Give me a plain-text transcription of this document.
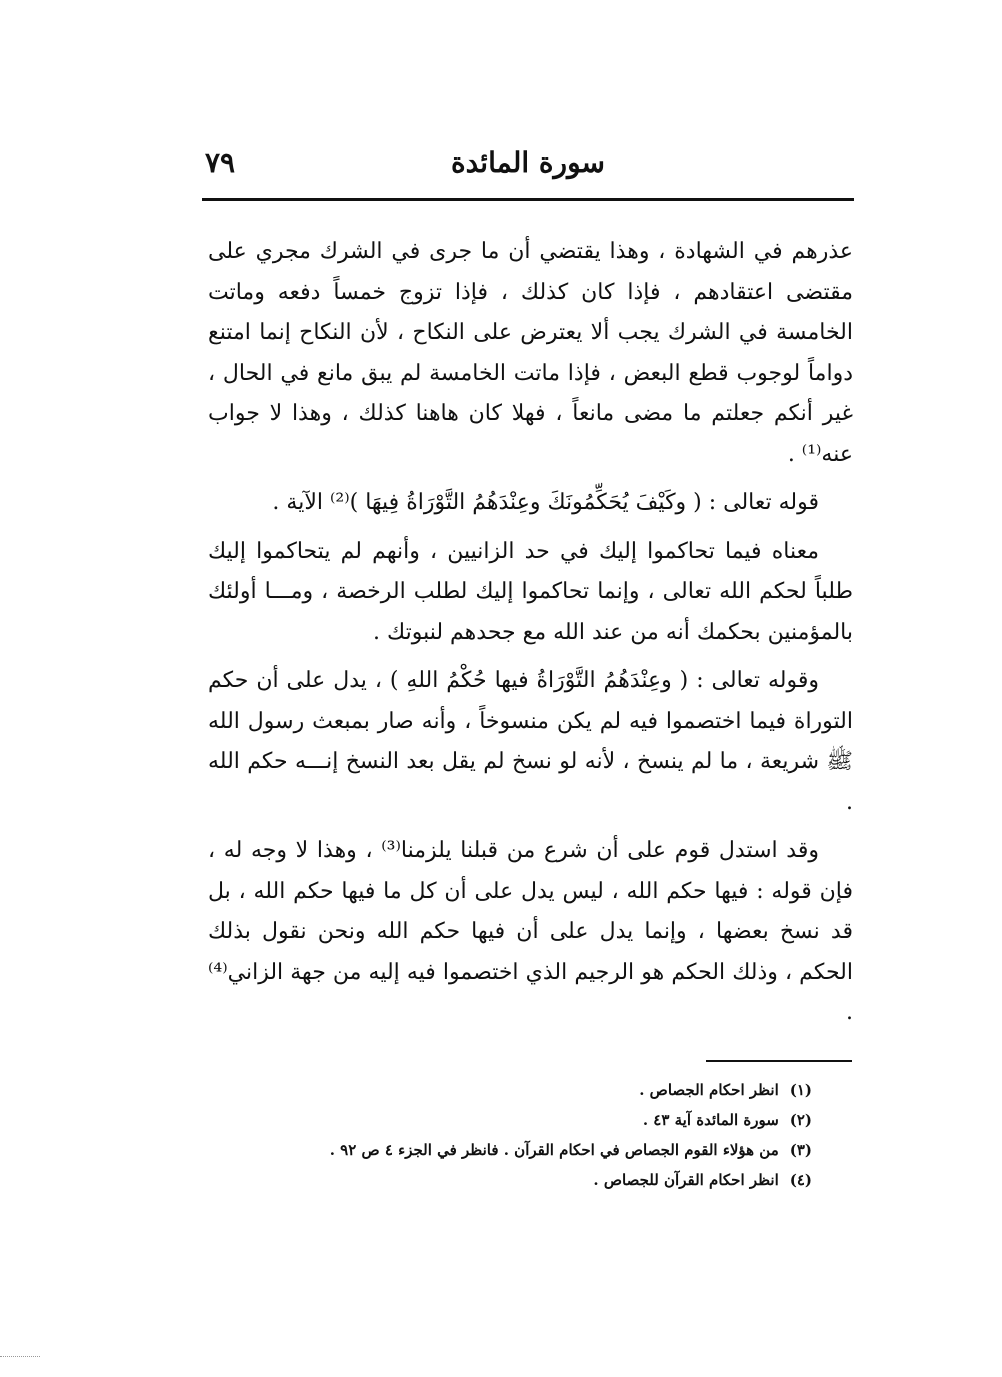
سورة المائدة
٧٩

عذرهم في الشهادة ، وهذا يقتضي أن ما جرى في الشرك مجري على مقتضى اعتقادهم ، فإذا كان كذلك ، فإذا تزوج خمساً دفعه وماتت الخامسة في الشرك يجب ألا يعترض على النكاح ، لأن النكاح إنما امتنع دواماً لوجوب قطع البعض ، فإذا ماتت الخامسة لم يبق مانع في الحال ، غير أنكم جعلتم ما مضى مانعاً ، فهلا كان هاهنا كذلك ، وهذا لا جواب عنه⁽¹⁾ .

قوله تعالى : ( وكَيْفَ يُحَكِّمُونَكَ وعِنْدَهُمُ التَّوْرَاةُ فِيهَا )⁽²⁾ الآية .

معناه فيما تحاكموا إليك في حد الزانيين ، وأنهم لم يتحاكموا إليك طلباً لحكم الله تعالى ، وإنما تحاكموا إليك لطلب الرخصة ، ومـــا أولئك بالمؤمنين بحكمك أنه من عند الله مع جحدهم لنبوتك .

وقوله تعالى : ( وعِنْدَهُمُ التَّوْرَاةُ فيها حُكْمُ اللهِ ) ، يدل على أن حكم التوراة فيما اختصموا فيه لم يكن منسوخاً ، وأنه صار بمبعث رسول الله ﷺ شريعة ، ما لم ينسخ ، لأنه لو نسخ لم يقل بعد النسخ إنـــه حكم الله .

وقد استدل قوم على أن شرع من قبلنا يلزمنا⁽³⁾ ، وهذا لا وجه له ، فإن قوله : فيها حكم الله ، ليس يدل على أن كل ما فيها حكم الله ، بل قد نسخ بعضها ، وإنما يدل على أن فيها حكم الله ونحن نقول بذلك الحكم ، وذلك الحكم هو الرجيم الذي اختصموا فيه إليه من جهة الزاني⁽⁴⁾ .

(١) انظر احكام الجصاص .

(٢) سورة المائدة آية ٤٣ .

(٣) من هؤلاء القوم الجصاص في احكام القرآن . فانظر في الجزء ٤ ص ٩٢ .

(٤) انظر احكام القرآن للجصاص .
